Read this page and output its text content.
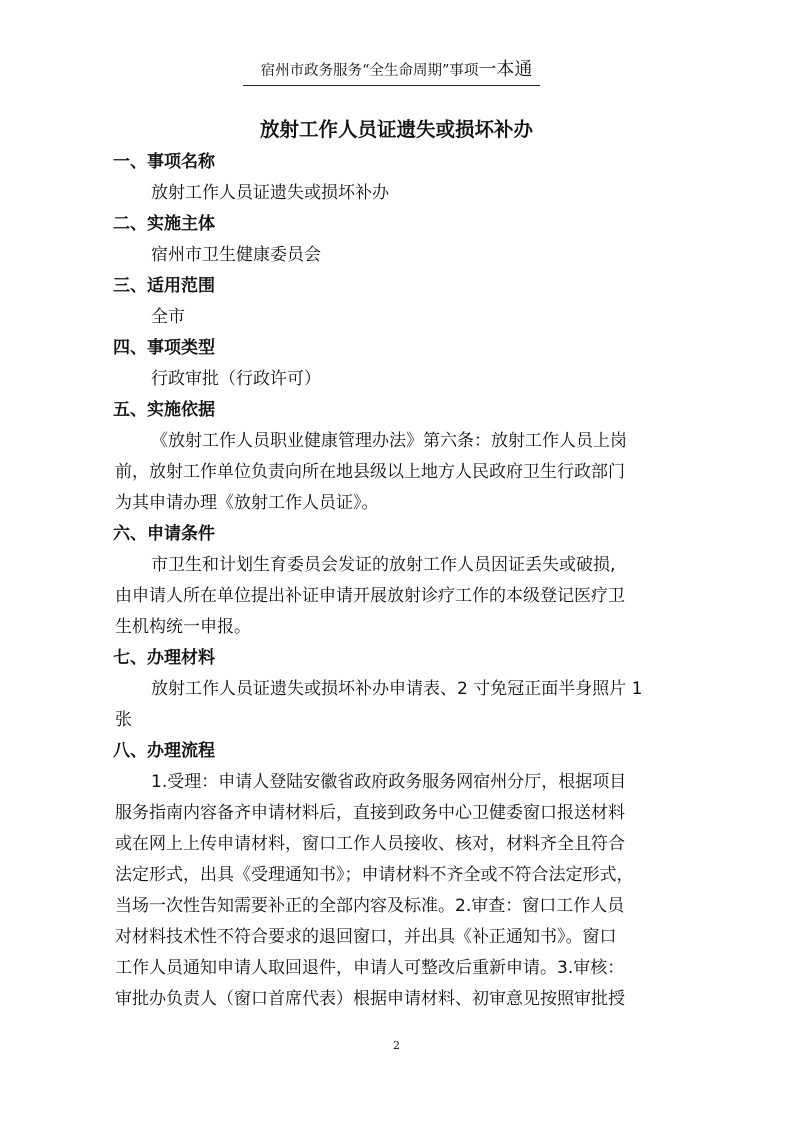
宿州市政务服务“全生命周期”事项一本通
放射工作人员证遗失或损坏补办
一、事项名称
放射工作人员证遗失或损坏补办
二、实施主体
宿州市卫生健康委员会
三、适用范围
全市
四、事项类型
行政审批（行政许可）
五、实施依据
《放射工作人员职业健康管理办法》第六条：放射工作人员上岗
前，放射工作单位负责向所在地县级以上地方人民政府卫生行政部门
为其申请办理《放射工作人员证》。
六、申请条件
市卫生和计划生育委员会发证的放射工作人员因证丢失或破损,
由申请人所在单位提出补证申请开展放射诊疗工作的本级登记医疗卫
生机构统一申报。
七、办理材料
放射工作人员证遗失或损坏补办申请表、2 寸免冠正面半身照片 1
张
八、办理流程
1.受理：申请人登陆安徽省政府政务服务网宿州分厅，根据项目
服务指南内容备齐申请材料后，直接到政务中心卫健委窗口报送材料
或在网上上传申请材料，窗口工作人员接收、核对，材料齐全且符合
法定形式，出具《受理通知书》；申请材料不齐全或不符合法定形式，
当场一次性告知需要补正的全部内容及标准。2.审查：窗口工作人员
对材料技术性不符合要求的退回窗口，并出具《补正通知书》。窗口
工作人员通知申请人取回退件，申请人可整改后重新申请。3.审核：
审批办负责人（窗口首席代表）根据申请材料、初审意见按照审批授
2
